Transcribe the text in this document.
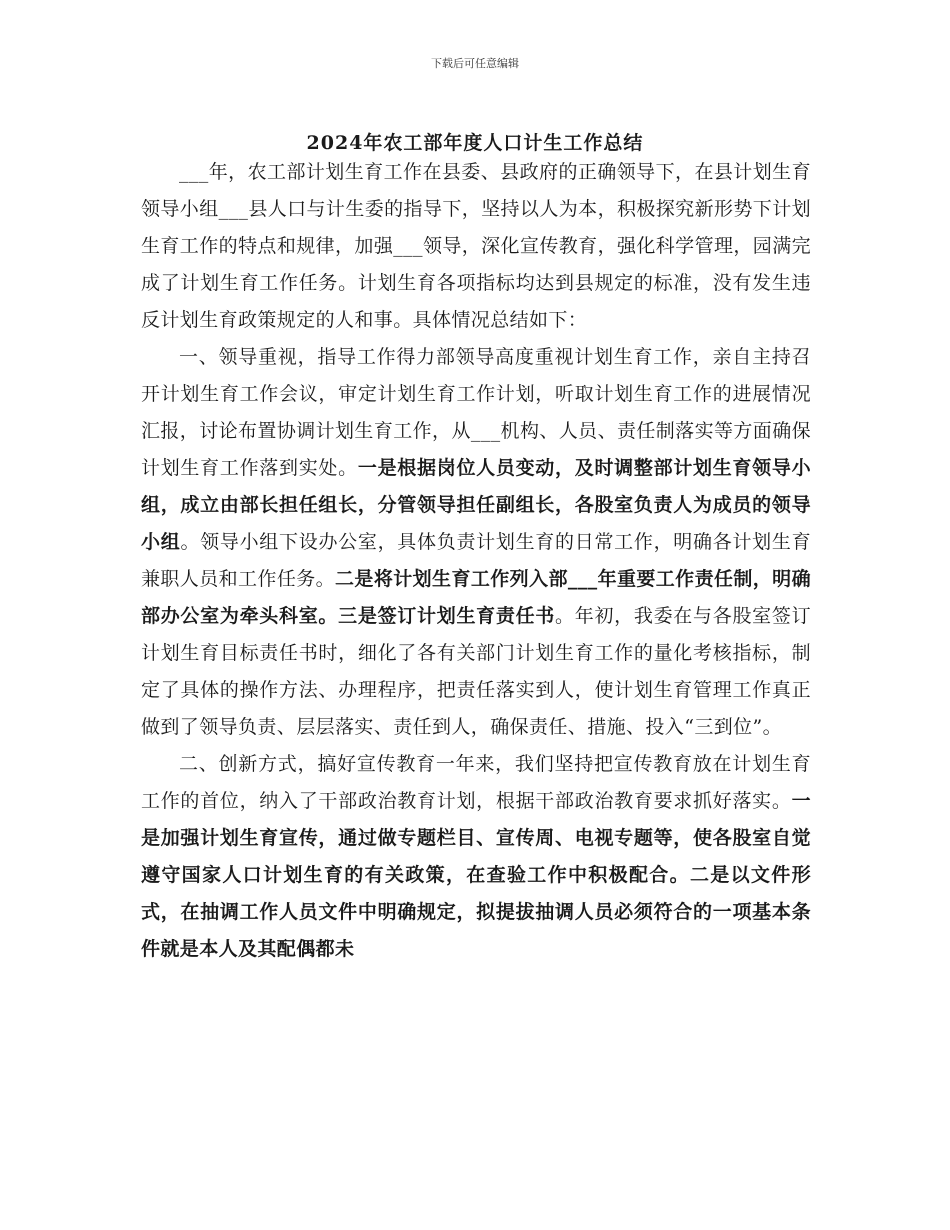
下载后可任意编辑
2024年农工部年度人口计生工作总结

___年，农工部计划生育工作在县委、县政府的正确领导下，在县计划生育领导小组___县人口与计生委的指导下，坚持以人为本，积极探究新形势下计划生育工作的特点和规律，加强___领导，深化宣传教育，强化科学管理，园满完成了计划生育工作任务。计划生育各项指标均达到县规定的标准，没有发生违反计划生育政策规定的人和事。具体情况总结如下：

一、领导重视，指导工作得力部领导高度重视计划生育工作，亲自主持召开计划生育工作会议，审定计划生育工作计划，听取计划生育工作的进展情况汇报，讨论布置协调计划生育工作，从___机构、人员、责任制落实等方面确保计划生育工作落到实处。一是根据岗位人员变动，及时调整部计划生育领导小组，成立由部长担任组长，分管领导担任副组长，各股室负责人为成员的领导小组。领导小组下设办公室，具体负责计划生育的日常工作，明确各计划生育兼职人员和工作任务。二是将计划生育工作列入部___年重要工作责任制，明确部办公室为牵头科室。三是签订计划生育责任书。年初，我委在与各股室签订计划生育目标责任书时，细化了各有关部门计划生育工作的量化考核指标，制定了具体的操作方法、办理程序，把责任落实到人，使计划生育管理工作真正做到了领导负责、层层落实、责任到人，确保责任、措施、投入“三到位”。

二、创新方式，搞好宣传教育一年来，我们坚持把宣传教育放在计划生育工作的首位，纳入了干部政治教育计划，根据干部政治教育要求抓好落实。一是加强计划生育宣传，通过做专题栏目、宣传周、电视专题等，使各股室自觉遵守国家人口计划生育的有关政策，在查验工作中积极配合。二是以文件形式，在抽调工作人员文件中明确规定，拟提拔抽调人员必须符合的一项基本条件就是本人及其配偶都未
